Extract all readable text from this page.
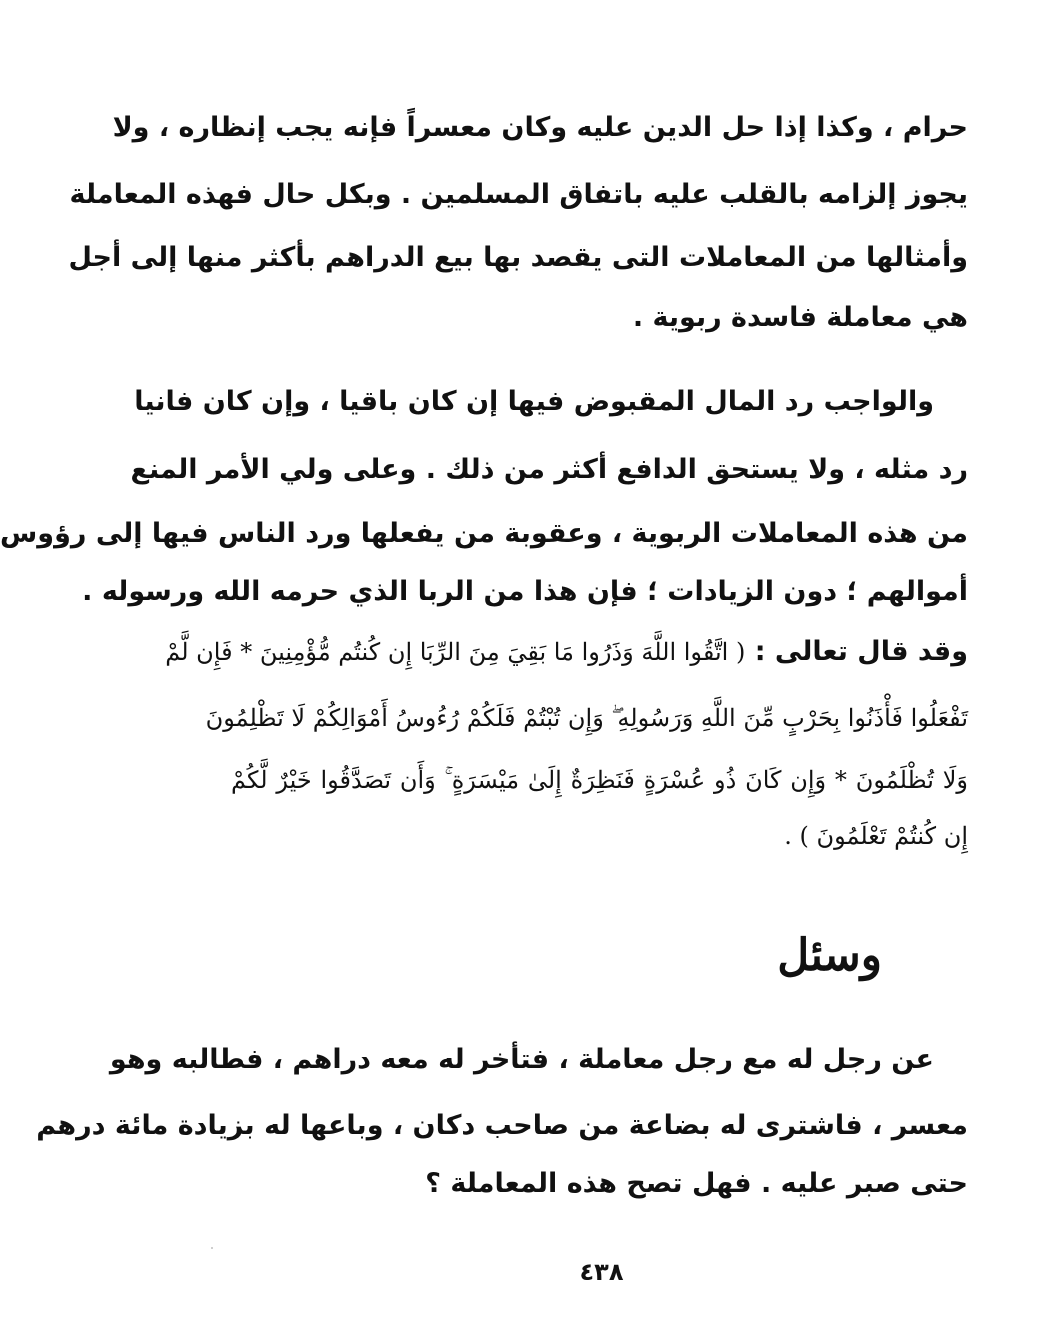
حرام ، وكذا إذا حل الدين عليه وكان معسراً فإنه يجب إنظاره ، ولا
يجوز إلزامه بالقلب عليه باتفاق المسلمين . وبكل حال فهذه المعاملة
وأمثالها من المعاملات التى يقصد بها بيع الدراهم بأكثر منها إلى أجل
هي معاملة فاسدة ربوية .
والواجب رد المال المقبوض فيها إن كان باقيا ، وإن كان فانيا
رد مثله ، ولا يستحق الدافع أكثر من ذلك . وعلى ولي الأمر المنع
من هذه المعاملات الربوية ، وعقوبة من يفعلها ورد الناس فيها إلى رؤوس
أموالهم ؛ دون الزيادات ؛ فإن هذا من الربا الذي حرمه الله ورسوله .
وقد قال تعالى : ( اتَّقُوا اللَّهَ وَذَرُوا مَا بَقِيَ مِنَ الرِّبَا إِن كُنتُم مُّؤْمِنِينَ * فَإِن لَّمْ
تَفْعَلُوا فَأْذَنُوا بِحَرْبٍ مِّنَ اللَّهِ وَرَسُولِهِ ۖ وَإِن تُبْتُمْ فَلَكُمْ رُءُوسُ أَمْوَالِكُمْ لَا تَظْلِمُونَ
وَلَا تُظْلَمُونَ * وَإِن كَانَ ذُو عُسْرَةٍ فَنَظِرَةٌ إِلَىٰ مَيْسَرَةٍ ۚ وَأَن تَصَدَّقُوا خَيْرٌ لَّكُمْ
إِن كُنتُمْ تَعْلَمُونَ ) .
عن رجل له مع رجل معاملة ، فتأخر له معه دراهم ، فطالبه وهو
معسر ، فاشترى له بضاعة من صاحب دكان ، وباعها له بزيادة مائة درهم
حتى صبر عليه . فهل تصح هذه المعاملة ؟
وسئل
٤٣٨
